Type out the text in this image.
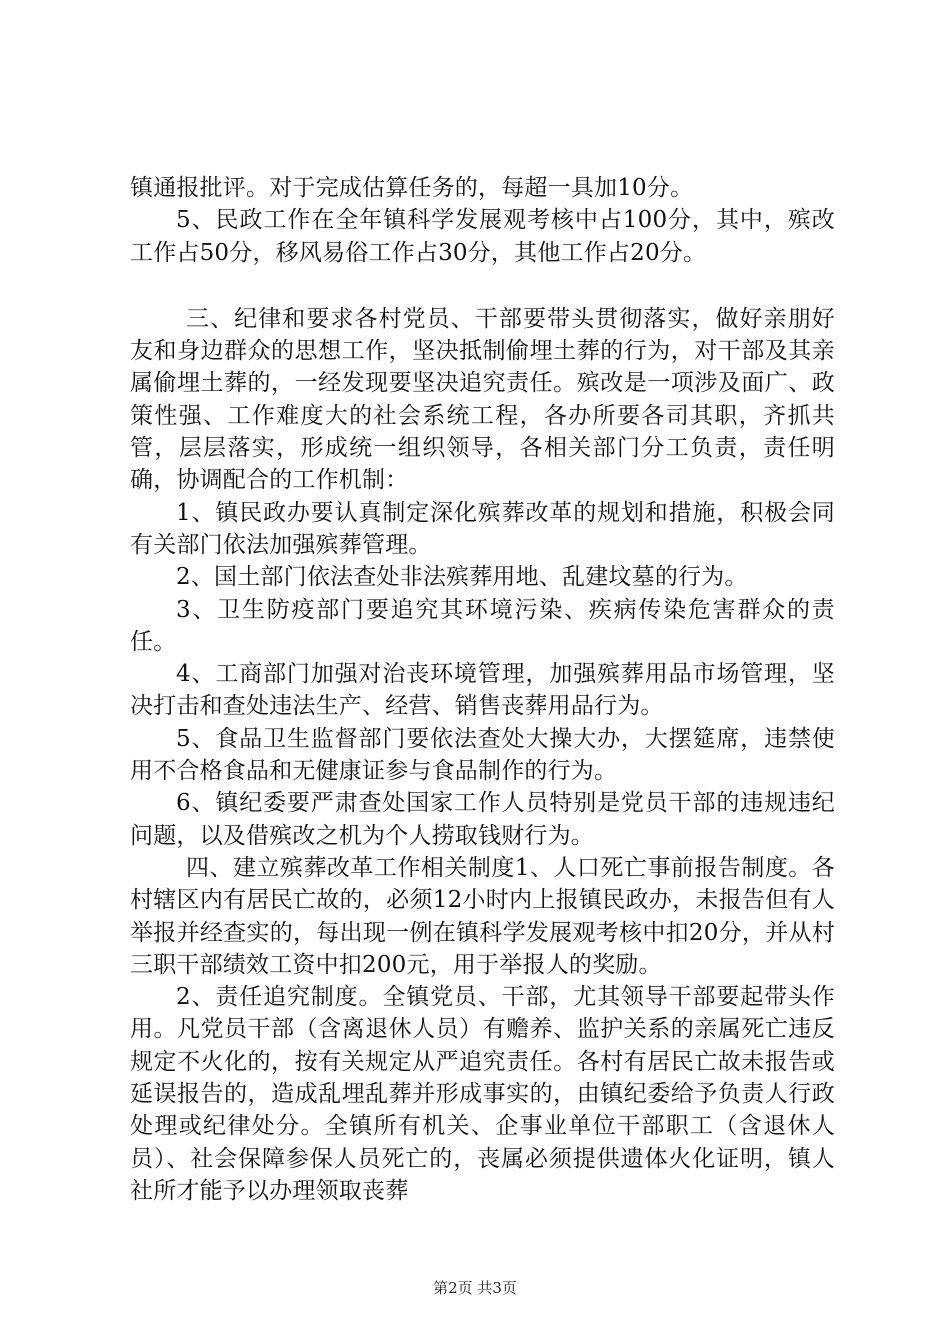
镇通报批评。对于完成估算任务的，每超一具加10分。

5、民政工作在全年镇科学发展观考核中占100分，其中，殡改工作占50分，移风易俗工作占30分，其他工作占20分。

三、纪律和要求各村党员、干部要带头贯彻落实，做好亲朋好友和身边群众的思想工作，坚决抵制偷埋土葬的行为，对干部及其亲属偷埋土葬的，一经发现要坚决追究责任。殡改是一项涉及面广、政策性强、工作难度大的社会系统工程，各办所要各司其职，齐抓共管，层层落实，形成统一组织领导，各相关部门分工负责，责任明确，协调配合的工作机制：

1、镇民政办要认真制定深化殡葬改革的规划和措施，积极会同有关部门依法加强殡葬管理。

2、国土部门依法查处非法殡葬用地、乱建坟墓的行为。

3、卫生防疫部门要追究其环境污染、疾病传染危害群众的责任。

4、工商部门加强对治丧环境管理，加强殡葬用品市场管理，坚决打击和查处违法生产、经营、销售丧葬用品行为。

5、食品卫生监督部门要依法查处大操大办，大摆筵席，违禁使用不合格食品和无健康证参与食品制作的行为。

6、镇纪委要严肃查处国家工作人员特别是党员干部的违规违纪问题，以及借殡改之机为个人捞取钱财行为。

四、建立殡葬改革工作相关制度1、人口死亡事前报告制度。各村辖区内有居民亡故的，必须12小时内上报镇民政办，未报告但有人举报并经查实的，每出现一例在镇科学发展观考核中扣20分，并从村三职干部绩效工资中扣200元，用于举报人的奖励。

2、责任追究制度。全镇党员、干部，尤其领导干部要起带头作用。凡党员干部（含离退休人员）有赡养、监护关系的亲属死亡违反规定不火化的，按有关规定从严追究责任。各村有居民亡故未报告或延误报告的，造成乱埋乱葬并形成事实的，由镇纪委给予负责人行政处理或纪律处分。全镇所有机关、企事业单位干部职工（含退休人员）、社会保障参保人员死亡的，丧属必须提供遗体火化证明，镇人社所才能予以办理领取丧葬

第2页 共3页
